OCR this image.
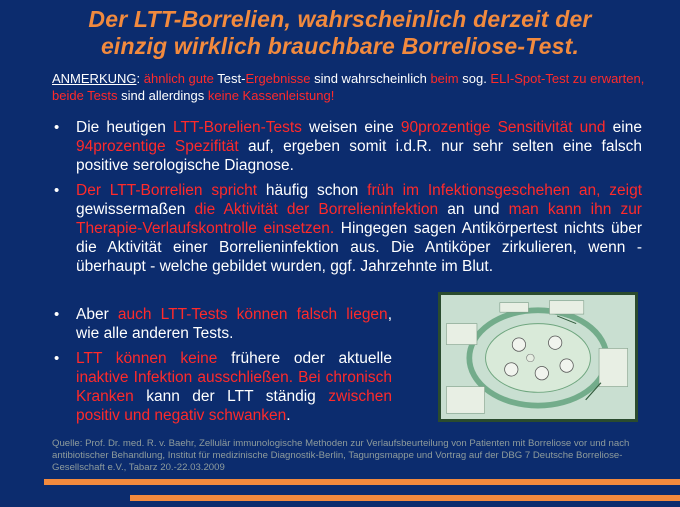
Der LTT-Borrelien, wahrscheinlich derzeit der
einzig wirklich brauchbare Borreliose-Test.
ANMERKUNG: ähnlich gute Test-Ergebnisse sind wahrscheinlich beim sog. ELI-Spot-Test zu erwarten, beide Tests sind allerdings keine Kassenleistung!
• Die heutigen LTT-Borelien-Tests weisen eine 90prozentige Sensitivität und eine 94prozentige Spezifität auf, ergeben somit i.d.R. nur sehr selten eine falsch positive serologische Diagnose.
• Der LTT-Borrelien spricht häufig schon früh im Infektionsgeschehen an, zeigt gewissermaßen die Aktivität der Borrelieninfektion an und man kann ihn zur Therapie-Verlaufskontrolle einsetzen. Hingegen sagen Antikörpertest nichts über die Aktivität einer Borrelieninfektion aus. Die Antiköper zirkulieren, wenn - überhaupt - welche gebildet wurden, ggf. Jahrzehnte im Blut.
• Aber auch LTT-Tests können falsch liegen, wie alle anderen Tests.
• LTT können keine frühere oder aktuelle inaktive Infektion ausschließen. Bei chronisch Kranken kann der LTT ständig zwischen positiv und negativ schwanken.
Quelle: Prof. Dr. med. R. v. Baehr, Zellulär immunologische Methoden zur Verlaufsbeurteilung von Patienten mit Borreliose vor und nach antibiotischer Behandlung, Institut für medizinische Diagnostik-Berlin, Tagungsmappe und Vortrag auf der DBG 7 Deutsche Borreliose-Gesellschaft e.V., Tabarz 20.-22.03.2009
